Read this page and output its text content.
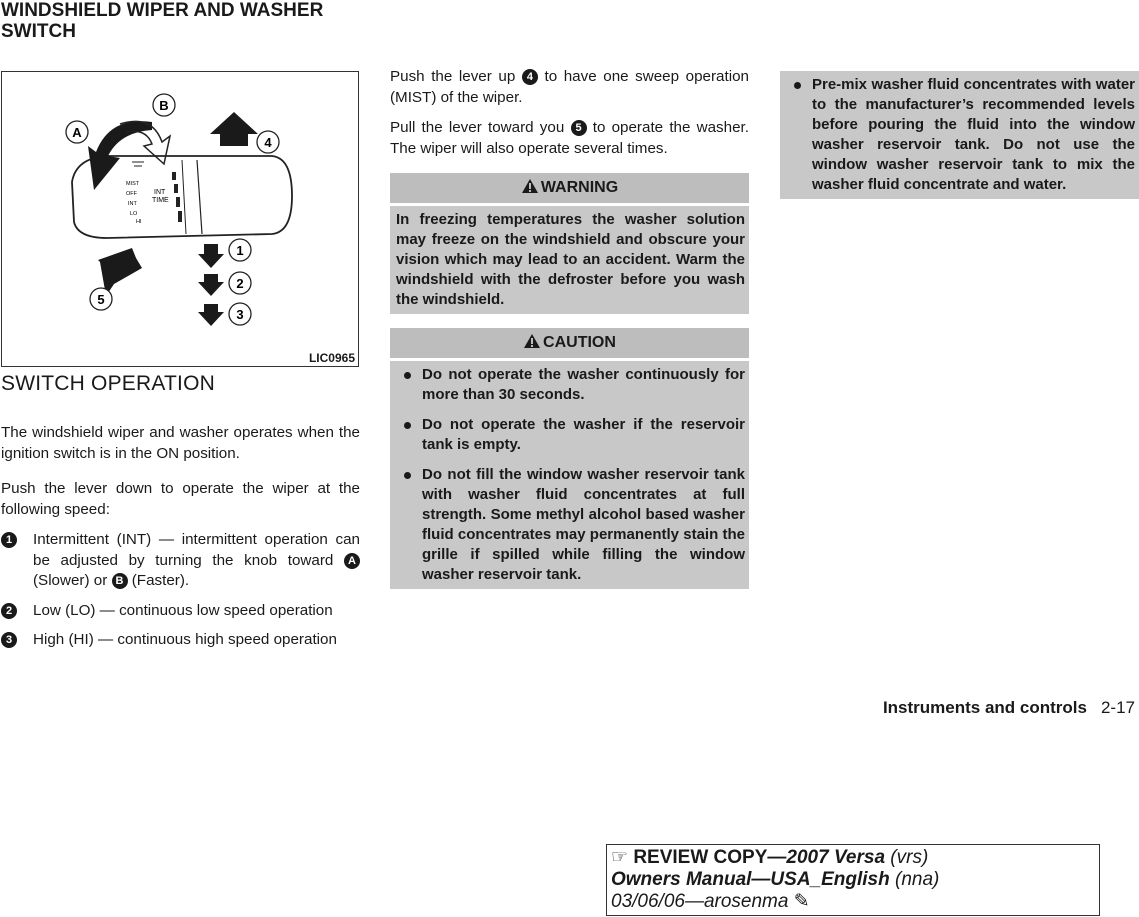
WINDSHIELD WIPER AND WASHER SWITCH
MIST
OFF
INT
LO
HI
INT
TIME
B
A
4
1
2
3
5
LIC0965
SWITCH OPERATION

The windshield wiper and washer operates when the ignition switch is in the ON position.

Push the lever down to operate the wiper at the following speed:

1	Intermittent (INT) — intermittent operation can be adjusted by turning the knob toward A (Slower) or B (Faster).
2	Low (LO) — continuous low speed operation
3	High (HI) — continuous high speed operation

Push the lever up 4 to have one sweep operation (MIST) of the wiper.

Pull the lever toward you 5 to operate the washer. The wiper will also operate several times.

WARNING
In freezing temperatures the washer solution may freeze on the windshield and obscure your vision which may lead to an accident. Warm the windshield with the defroster before you wash the windshield.
CAUTION
Do not operate the washer continuously for more than 30 seconds.
Do not operate the washer if the reservoir tank is empty.
Do not fill the window washer reservoir tank with washer fluid concentrates at full strength. Some methyl alcohol based washer fluid concentrates may permanently stain the grille if spilled while filling the window washer reservoir tank.
Pre-mix washer fluid concentrates with water to the manufacturer’s recommended levels before pouring the fluid into the window washer reservoir tank. Do not use the window washer reservoir tank to mix the washer fluid concentrate and water.
Instruments and controls 2-17
☞ REVIEW COPY—2007 Versa (vrs)
Owners Manual—USA_English (nna)
03/06/06—arosenma ✎
